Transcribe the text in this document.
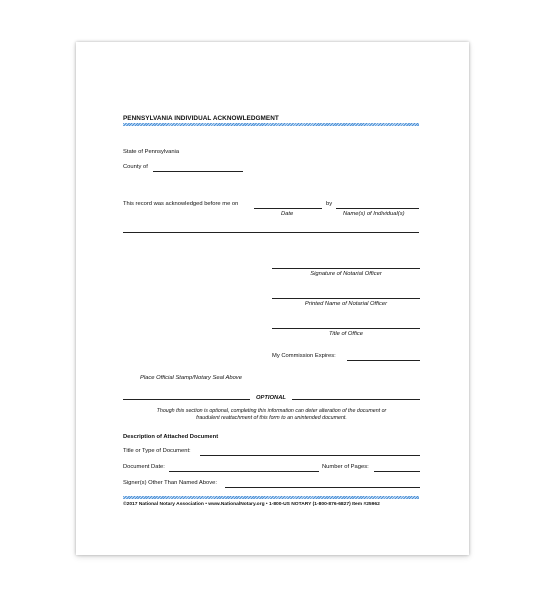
PENNSYLVANIA INDIVIDUAL ACKNOWLEDGMENT
State of Pennsylvania
County of
This record was acknowledged before me on	by
Date	Name(s) of Individual(s)
Signature of Notarial Officer
Printed Name of Notarial Officer
Title of Office
My Commission Expires:
Place Official Stamp/Notary Seal Above
OPTIONAL
Though this section is optional, completing this information can deter alteration of the document or
fraudulent reattachment of this form to an unintended document.
Description of Attached Document
Title or Type of Document:
Document Date:	Number of Pages:
Signer(s) Other Than Named Above:
©2017 National Notary Association • www.NationalNotary.org • 1-800-US NOTARY (1-800-876-6827) Item #25962
